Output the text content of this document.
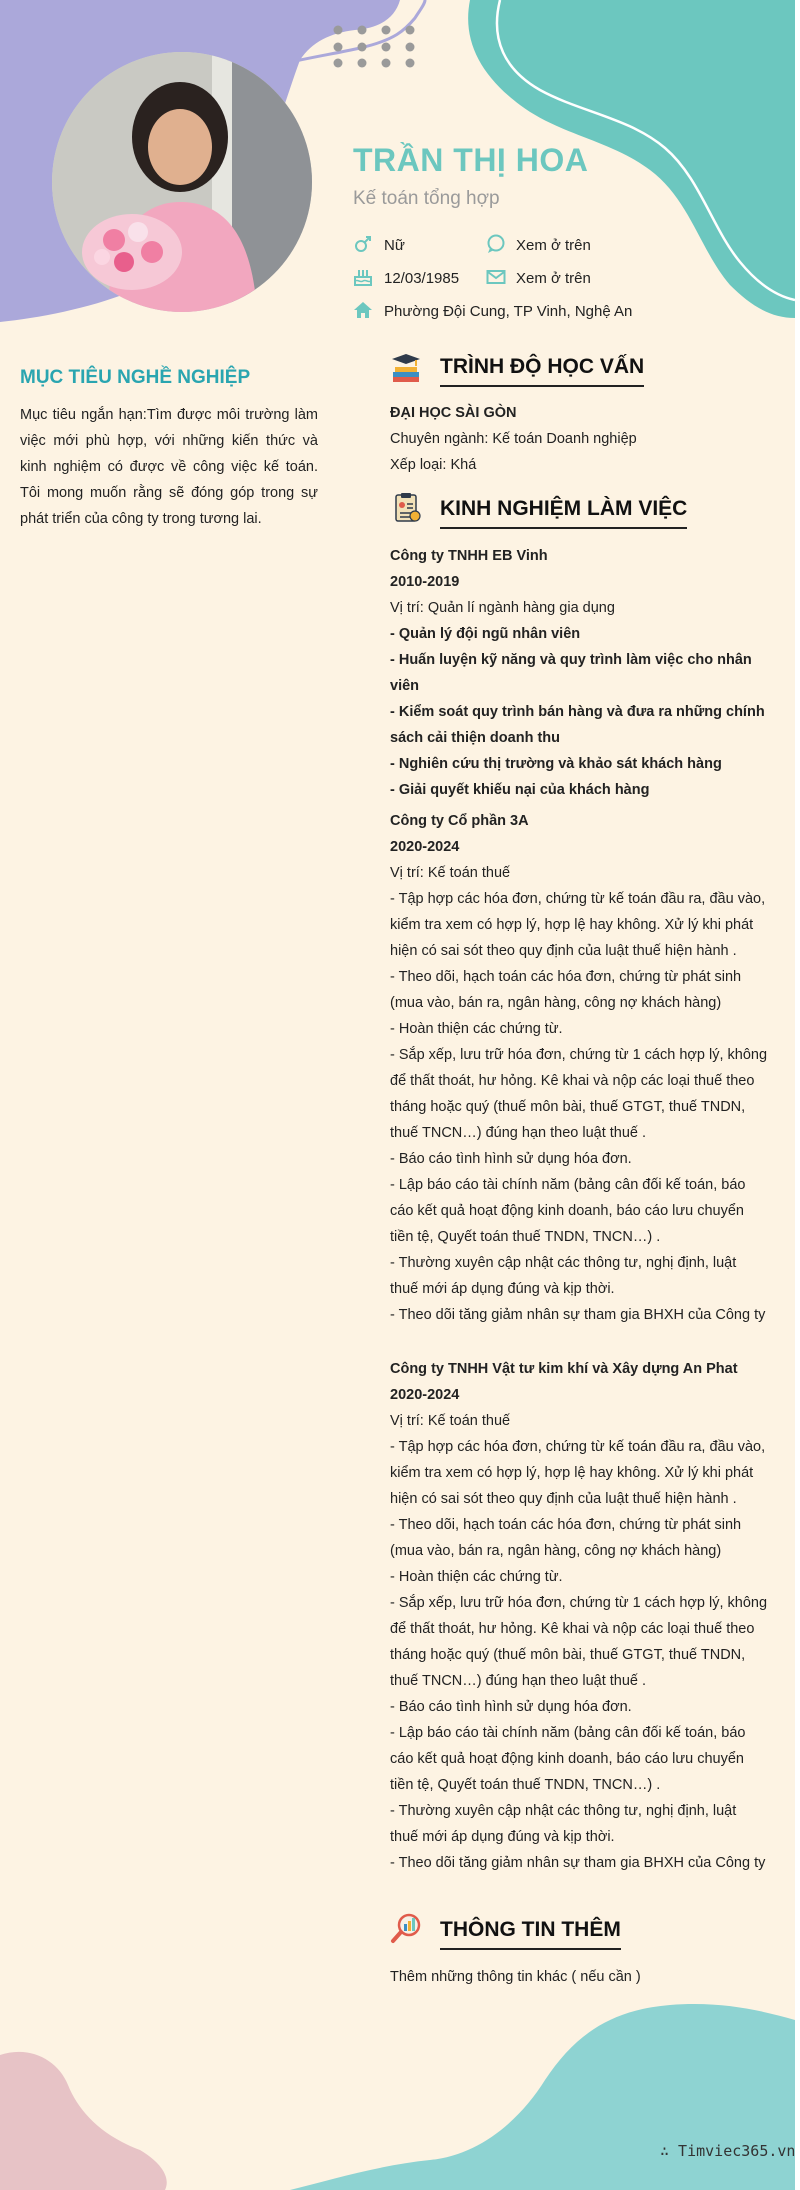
TRẦN THỊ HOA
Kế toán tổng hợp
Nữ	Xem ở trên
12/03/1985	Xem ở trên
Phường Đội Cung, TP Vinh, Nghệ An
MỤC TIÊU NGHỀ NGHIỆP
Mục tiêu ngắn hạn:Tìm được môi trường làm việc mới phù hợp, với những kiến thức và kinh nghiệm có được về công việc kế toán. Tôi mong muốn rằng sẽ đóng góp trong sự phát triển của công ty trong tương lai.
TRÌNH ĐỘ HỌC VẤN

ĐẠI HỌC SÀI GÒN

Chuyên ngành: Kế toán Doanh nghiệp

Xếp loại: Khá

KINH NGHIỆM LÀM VIỆC

Công ty TNHH EB Vinh

2010-2019

Vị trí: Quản lí ngành hàng gia dụng

- Quản lý đội ngũ nhân viên

- Huấn luyện kỹ năng và quy trình làm việc cho nhân viên

- Kiểm soát quy trình bán hàng và đưa ra những chính sách cải thiện doanh thu

- Nghiên cứu thị trường và khảo sát khách hàng

- Giải quyết khiếu nại của khách hàng

Công ty Cổ phần 3A

2020-2024

Vị trí: Kế toán thuế

- Tập hợp các hóa đơn, chứng từ kế toán đầu ra, đầu vào, kiểm tra xem có hợp lý, hợp lệ hay không. Xử lý khi phát hiện có sai sót theo quy định của luật thuế hiện hành .

- Theo dõi, hạch toán các hóa đơn, chứng từ phát sinh (mua vào, bán ra, ngân hàng, công nợ khách hàng)

- Hoàn thiện các chứng từ.

- Sắp xếp, lưu trữ hóa đơn, chứng từ 1 cách hợp lý, không để thất thoát, hư hỏng. Kê khai và nộp các loại thuế theo tháng hoặc quý (thuế môn bài, thuế GTGT, thuế TNDN, thuế TNCN…) đúng hạn theo luật thuế .

- Báo cáo tình hình sử dụng hóa đơn.

- Lập báo cáo tài chính năm (bảng cân đối kế toán, báo cáo kết quả hoạt động kinh doanh, báo cáo lưu chuyển tiền tệ, Quyết toán thuế TNDN, TNCN…) .

- Thường xuyên cập nhật các thông tư, nghị định, luật thuế mới áp dụng đúng và kịp thời.

- Theo dõi tăng giảm nhân sự tham gia BHXH của Công ty

Công ty TNHH Vật tư kim khí và Xây dựng An Phat

2020-2024

Vị trí: Kế toán thuế

- Tập hợp các hóa đơn, chứng từ kế toán đầu ra, đầu vào, kiểm tra xem có hợp lý, hợp lệ hay không. Xử lý khi phát hiện có sai sót theo quy định của luật thuế hiện hành .

- Theo dõi, hạch toán các hóa đơn, chứng từ phát sinh (mua vào, bán ra, ngân hàng, công nợ khách hàng)

- Hoàn thiện các chứng từ.

- Sắp xếp, lưu trữ hóa đơn, chứng từ 1 cách hợp lý, không để thất thoát, hư hỏng. Kê khai và nộp các loại thuế theo tháng hoặc quý (thuế môn bài, thuế GTGT, thuế TNDN, thuế TNCN…) đúng hạn theo luật thuế .

- Báo cáo tình hình sử dụng hóa đơn.

- Lập báo cáo tài chính năm (bảng cân đối kế toán, báo cáo kết quả hoạt động kinh doanh, báo cáo lưu chuyển tiền tệ, Quyết toán thuế TNDN, TNCN…) .

- Thường xuyên cập nhật các thông tư, nghị định, luật thuế mới áp dụng đúng và kịp thời.

- Theo dõi tăng giảm nhân sự tham gia BHXH của Công ty

THÔNG TIN THÊM

Thêm những thông tin khác ( nếu cần )

∴ Timviec365.vn
